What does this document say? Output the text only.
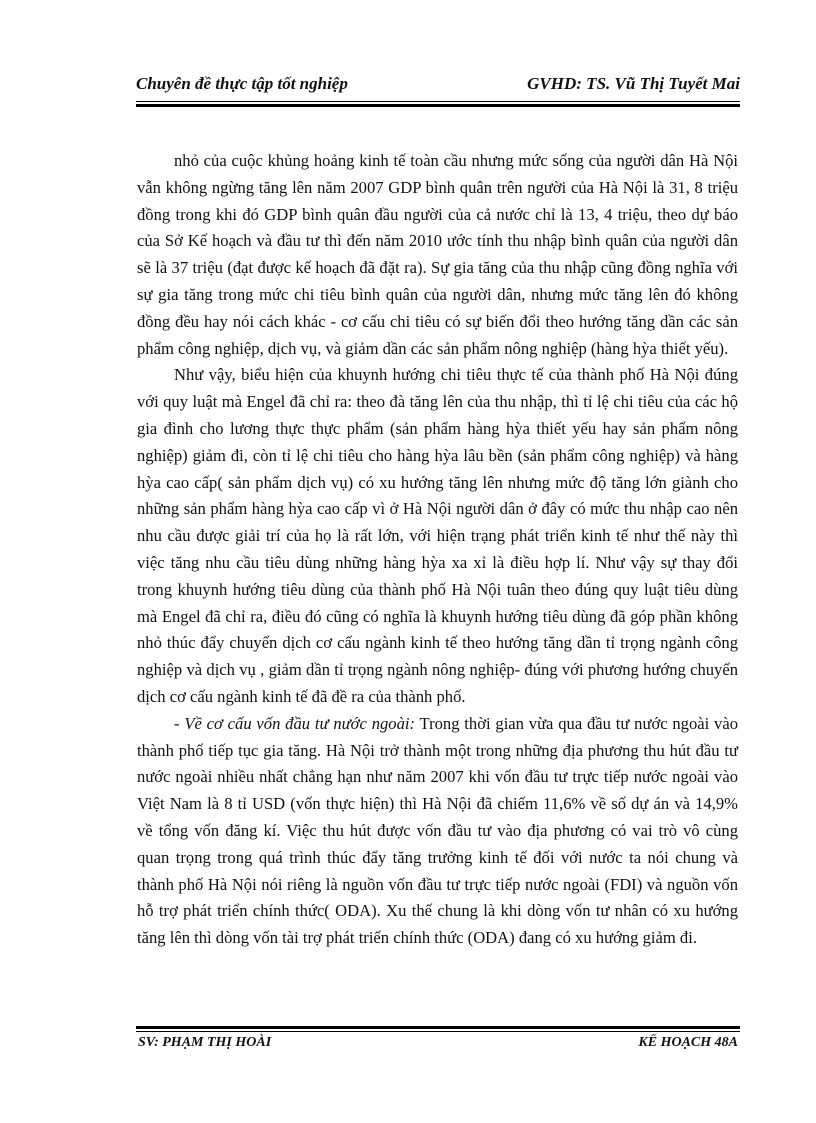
Chuyên đề thực tập tốt nghiệp	GVHD: TS. Vũ Thị Tuyết Mai

nhỏ của cuộc khủng hoảng kinh tế toàn cầu nhưng mức sống của người dân Hà Nội vẫn không ngừng tăng lên năm 2007 GDP bình quân trên người của Hà Nội là 31, 8 triệu đồng trong khi đó GDP bình quân đầu người của cả nước chỉ là 13, 4 triệu, theo dự báo của Sở Kế hoạch và đầu tư thì đến năm 2010 ước tính thu nhập bình quân của người dân sẽ là 37 triệu (đạt được kế hoạch đã đặt ra). Sự gia tăng của thu nhập cũng đồng nghĩa với sự gia tăng trong mức chi tiêu bình quân của người dân, nhưng mức tăng lên đó không đồng đều hay nói cách khác - cơ cấu chi tiêu có sự biến đổi theo hướng tăng dần các sản phẩm công nghiệp, dịch vụ, và giảm dần các sản phẩm nông nghiệp (hàng hỳa thiết yếu).

Như vậy, biểu hiện của khuynh hướng chi tiêu thực tế của thành phố Hà Nội đúng với quy luật mà Engel đã chỉ ra: theo đà tăng lên của thu nhập, thì tỉ lệ chi tiêu của các hộ gia đình cho lương thực thực phẩm (sản phẩm hàng hỳa thiết yếu hay sản phẩm nông nghiệp) giảm đi, còn tỉ lệ chi tiêu cho hàng hỳa lâu bền (sản phẩm công nghiệp) và hàng hỳa cao cấp( sản phẩm dịch vụ) có xu hướng tăng lên nhưng mức độ tăng lớn giành cho những sản phẩm hàng hỳa cao cấp vì ở Hà Nội người dân ở đây có mức thu nhập cao nên nhu cầu được giải trí của họ là rất lớn, với hiện trạng phát triển kinh tế như thế này thì việc tăng nhu cầu tiêu dùng những hàng hỳa xa xỉ là điều hợp lí. Như vậy sự thay đổi trong khuynh hướng tiêu dùng của thành phố Hà Nội tuân theo đúng quy luật tiêu dùng mà Engel đã chỉ ra, điều đó cũng có nghĩa là khuynh hướng tiêu dùng đã góp phần không nhỏ thúc đẩy chuyển dịch cơ cấu ngành kinh tế theo hướng tăng dần tỉ trọng ngành công nghiệp và dịch vụ , giảm dần tỉ trọng ngành nông nghiệp- đúng với phương hướng chuyển dịch cơ cấu ngành kinh tế đã đề ra của thành phố.

- Về cơ cấu vốn đầu tư nước ngoài: Trong thời gian vừa qua đầu tư nước ngoài vào thành phố tiếp tục gia tăng. Hà Nội trở thành một trong những địa phương thu hút đầu tư nước ngoài nhiều nhất chẳng hạn như năm 2007 khi vốn đầu tư trực tiếp nước ngoài vào Việt Nam là 8 tỉ USD (vốn thực hiện) thì Hà Nội đã chiếm 11,6% về số dự án và 14,9% về tổng vốn đăng kí. Việc thu hút được vốn đầu tư vào địa phương có vai trò vô cùng quan trọng trong quá trình thúc đẩy tăng trưởng kinh tế đối với nước ta nói chung và thành phố Hà Nội nói riêng là nguồn vốn đầu tư trực tiếp nước ngoài (FDI) và nguồn vốn hỗ trợ phát triển chính thức( ODA). Xu thế chung là khi dòng vốn tư nhân có xu hướng tăng lên thì dòng vốn tài trợ phát triển chính thức (ODA) đang có xu hướng giảm đi.

SV: PHẠM THỊ HOÀI	KẾ HOẠCH 48A
